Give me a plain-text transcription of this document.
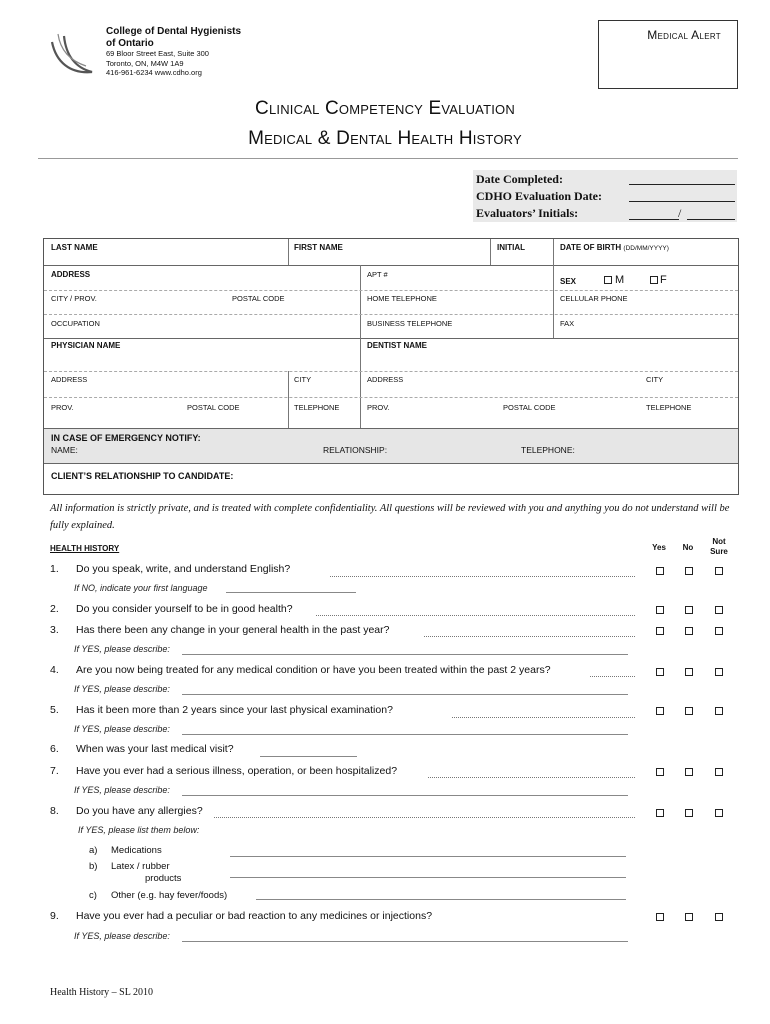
College of Dental Hygienists
of Ontario
69 Bloor Street East, Suite 300
Toronto, ON, M4W 1A9
416-961-6234 www.cdho.org
Medical Alert
Clinical Competency Evaluation
Medical & Dental Health History
Date Completed:
CDHO Evaluation Date:
Evaluators’ Initials:	/
LAST NAME	FIRST NAME	INITIAL	DATE OF BIRTH (DD/MM/YYYY)
ADDRESS	APT #
SEX	M	F
CITY / PROV.	POSTAL CODE	HOME TELEPHONE	CELLULAR PHONE
OCCUPATION	BUSINESS TELEPHONE	FAX
PHYSICIAN NAME	DENTIST NAME
ADDRESS	CITY	ADDRESS	CITY
PROV.	POSTAL CODE	TELEPHONE	PROV.	POSTAL CODE	TELEPHONE
IN CASE OF EMERGENCY NOTIFY:
NAME:	RELATIONSHIP:	TELEPHONE:
CLIENT’S RELATIONSHIP TO CANDIDATE:
All information is strictly private, and is treated with complete confidentiality. All questions will be reviewed with you and anything you do not understand will be fully explained.
HEALTH HISTORY	Yes	No
Not
Sure
1. Do you speak, write, and understand English?
If NO, indicate your first language
2. Do you consider yourself to be in good health?
3. Has there been any change in your general health in the past year?
If YES, please describe:
4. Are you now being treated for any medical condition or have you been treated within the past 2 years?
If YES, please describe:
5. Has it been more than 2 years since your last physical examination?
If YES, please describe:
6. When was your last medical visit?
7. Have you ever had a serious illness, operation, or been hospitalized?
If YES, please describe:
8. Do you have any allergies?
If YES, please list them below:
a) Medications
b) Latex / rubber
products
c) Other (e.g. hay fever/foods)
9. Have you ever had a peculiar or bad reaction to any medicines or injections?
If YES, please describe:
Health History – SL 2010
